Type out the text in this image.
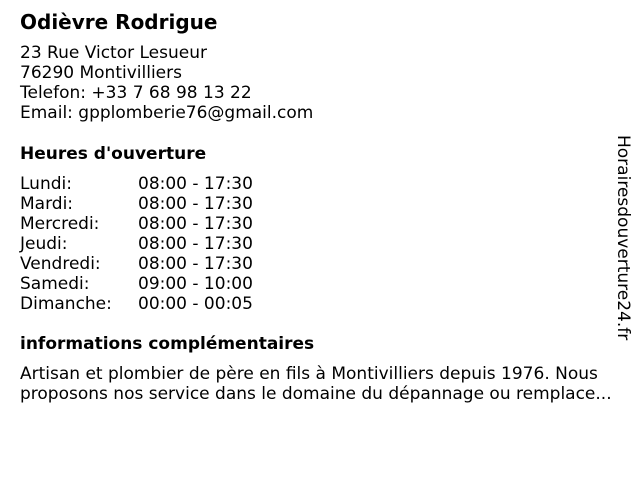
Odièvre Rodrigue
23 Rue Victor Lesueur
76290 Montivilliers
Telefon: +33 7 68 98 13 22
Email: gpplomberie76@gmail.com
Heures d'ouverture
Lundi:	08:00 - 17:30
Mardi:	08:00 - 17:30
Mercredi: 08:00 - 17:30
Jeudi:	08:00 - 17:30
Vendredi: 08:00 - 17:30
Samedi:	09:00 - 10:00
Dimanche: 00:00 - 00:05
informations complémentaires
Artisan et plombier de père en fils à Montivilliers depuis 1976. Nous
proposons nos service dans le domaine du dépannage ou remplace...
Horairesdouverture24.fr
